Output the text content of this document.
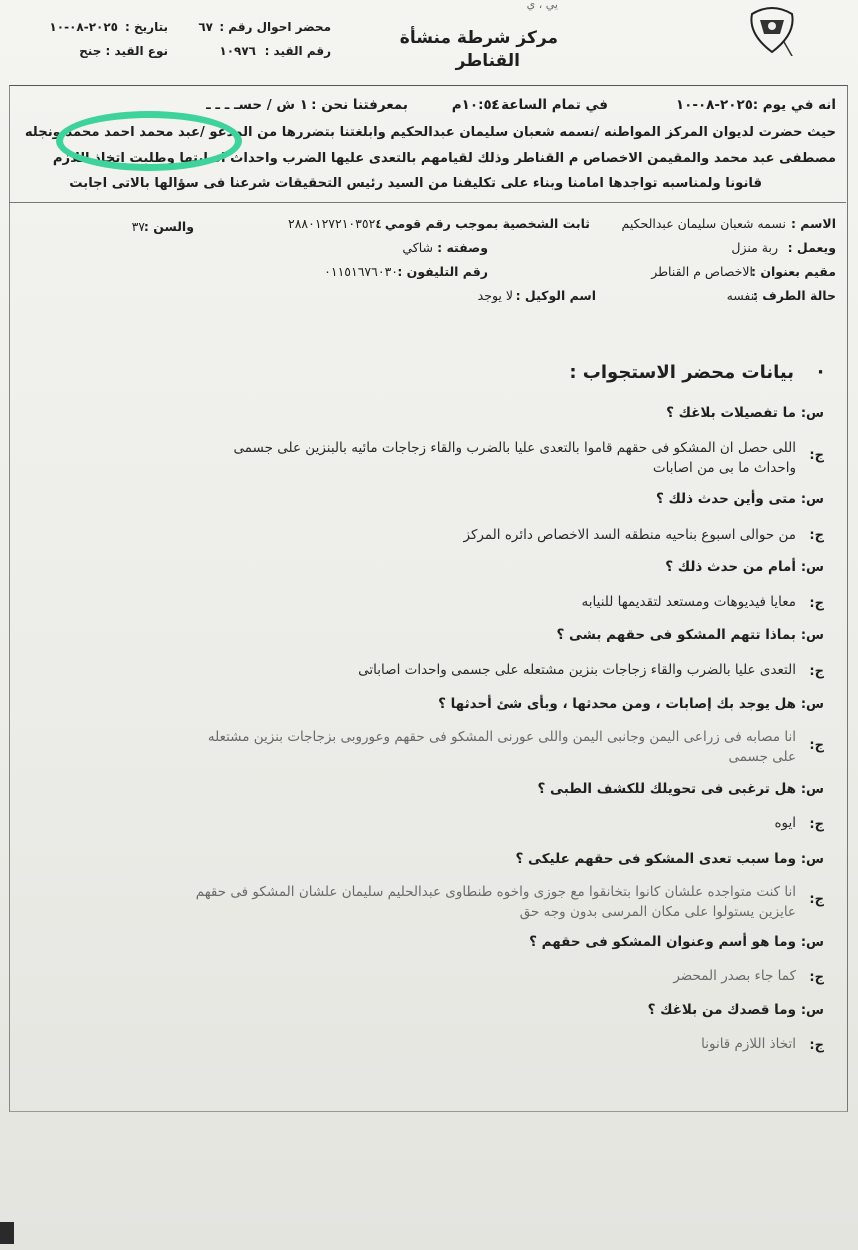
يي ، ي
مركز شرطة منشأة
القناطر
محضر احوال رقم :
٦٧
بتاريخ :
٢٠٢٥-٠٨-١٠
رقم القيد :
١٠٩٧٦
نوع القيد : جنح
انه في يوم :
٢٠٢٥-٠٨-١٠
في تمام الساعة :
١٠:٥٤م
بمعرفتنا نحن :
١ ش / حسـ ـ ـ ـ
حيث حضرت لديوان المركز المواطنه /نسمه شعبان سليمان عبدالحكيم وابلغتنا بتضررها من المدعو /عبد محمد احمد محمد ونجله
مصطفى عبد محمد والمقيمن الاخصاص م القناطر وذلك لقيامهم بالتعدى عليها الضرب واحداث اصابتها وطلبت اتخاذ اللازم
قانونا ولمناسبه تواجدها امامنا وبناء على تكليفنا من السيد رئيس التحقيقات شرعنا فى سؤالها بالاتى اجابت
الاسم :
نسمه شعبان سليمان عبدالحكيم
ثابت الشخصية بموجب رقم قومي :
٢٨٨٠١٢٧٢١٠٣٥٢٤
والسن :
٣٧
ويعمل :
ربة منزل
وصفته :
شاكي
مقيم بعنوان :
الاخصاص م القناطر
رقم التليفون :
٠١١٥١٦٧٦٠٣٠
حالة الطرف :
بنفسه
اسم الوكيل :
لا يوجد
·
بيانات محضر الاستجواب :
س:
ما تفصيلات بلاغك ؟
ج:
اللى حصل ان المشكو فى حقهم قاموا بالتعدى عليا بالضرب والقاء زجاجات مائيه بالبنزين على جسمى
واحداث ما بى من اصابات
س:
متى وأين حدث ذلك ؟
ج:
من حوالى اسبوع بناحيه منطقه السد الاخصاص دائره المركز
س:
أمام من حدث ذلك ؟
ج:
معايا فيديوهات ومستعد لتقديمها للنيابه
س:
بماذا تتهم المشكو فى حقهم بشى ؟
ج:
التعدى عليا بالضرب والقاء زجاجات بنزين مشتعله على جسمى واحدات اصاباتى
س:
هل يوجد بك إصابات ، ومن محدثها ، وبأى شئ أحدثها ؟
ج:
انا مصابه فى زراعى اليمن وجانبى اليمن واللى عورنى المشكو فى حقهم وعوروبى بزجاجات بنزين مشتعله
على جسمى
س:
هل ترغبى فى تحويلك للكشف الطبى ؟
ج:
ايوه
س:
وما سبب تعدى المشكو فى حقهم عليكى ؟
ج:
انا كنت متواجده علشان كانوا بتخانقوا مع جوزى واخوه طنطاوى عبدالحليم سليمان علشان المشكو فى حقهم
عايزين يستولوا على مكان المرسى بدون وجه حق
س:
وما هو أسم وعنوان المشكو فى حقهم ؟
ج:
كما جاء بصدر المحضر
س:
وما قصدك من بلاغك ؟
ج:
اتخاذ اللازم قانونا
